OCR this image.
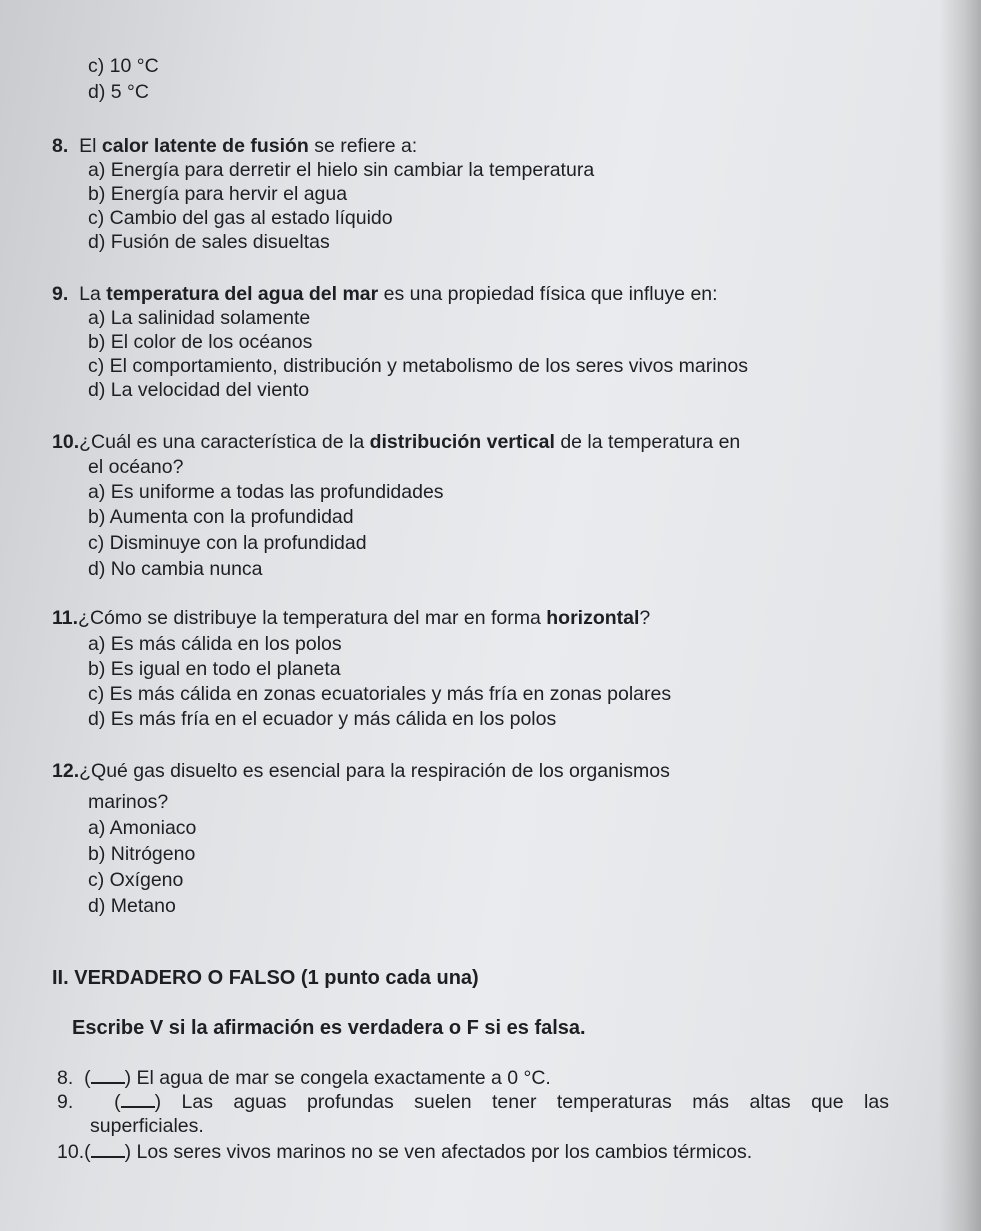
c) 10 °C
d) 5 °C
8. El calor latente de fusión se refiere a:
a) Energía para derretir el hielo sin cambiar la temperatura
b) Energía para hervir el agua
c) Cambio del gas al estado líquido
d) Fusión de sales disueltas
9. La temperatura del agua del mar es una propiedad física que influye en:
a) La salinidad solamente
b) El color de los océanos
c) El comportamiento, distribución y metabolismo de los seres vivos marinos
d) La velocidad del viento
10.¿Cuál es una característica de la distribución vertical de la temperatura en
el océano?
a) Es uniforme a todas las profundidades
b) Aumenta con la profundidad
c) Disminuye con la profundidad
d) No cambia nunca
11.¿Cómo se distribuye la temperatura del mar en forma horizontal?
a) Es más cálida en los polos
b) Es igual en todo el planeta
c) Es más cálida en zonas ecuatoriales y más fría en zonas polares
d) Es más fría en el ecuador y más cálida en los polos
12.¿Qué gas disuelto es esencial para la respiración de los organismos
marinos?
a) Amoniaco
b) Nitrógeno
c) Oxígeno
d) Metano
II. VERDADERO O FALSO (1 punto cada una)
Escribe V si la afirmación es verdadera o F si es falsa.
8.  ( ) El agua de mar se congela exactamente a 0 °C.
9.  ( ) Las aguas profundas suelen tener temperaturas más altas que las
superficiales.
10.( ) Los seres vivos marinos no se ven afectados por los cambios térmicos.
